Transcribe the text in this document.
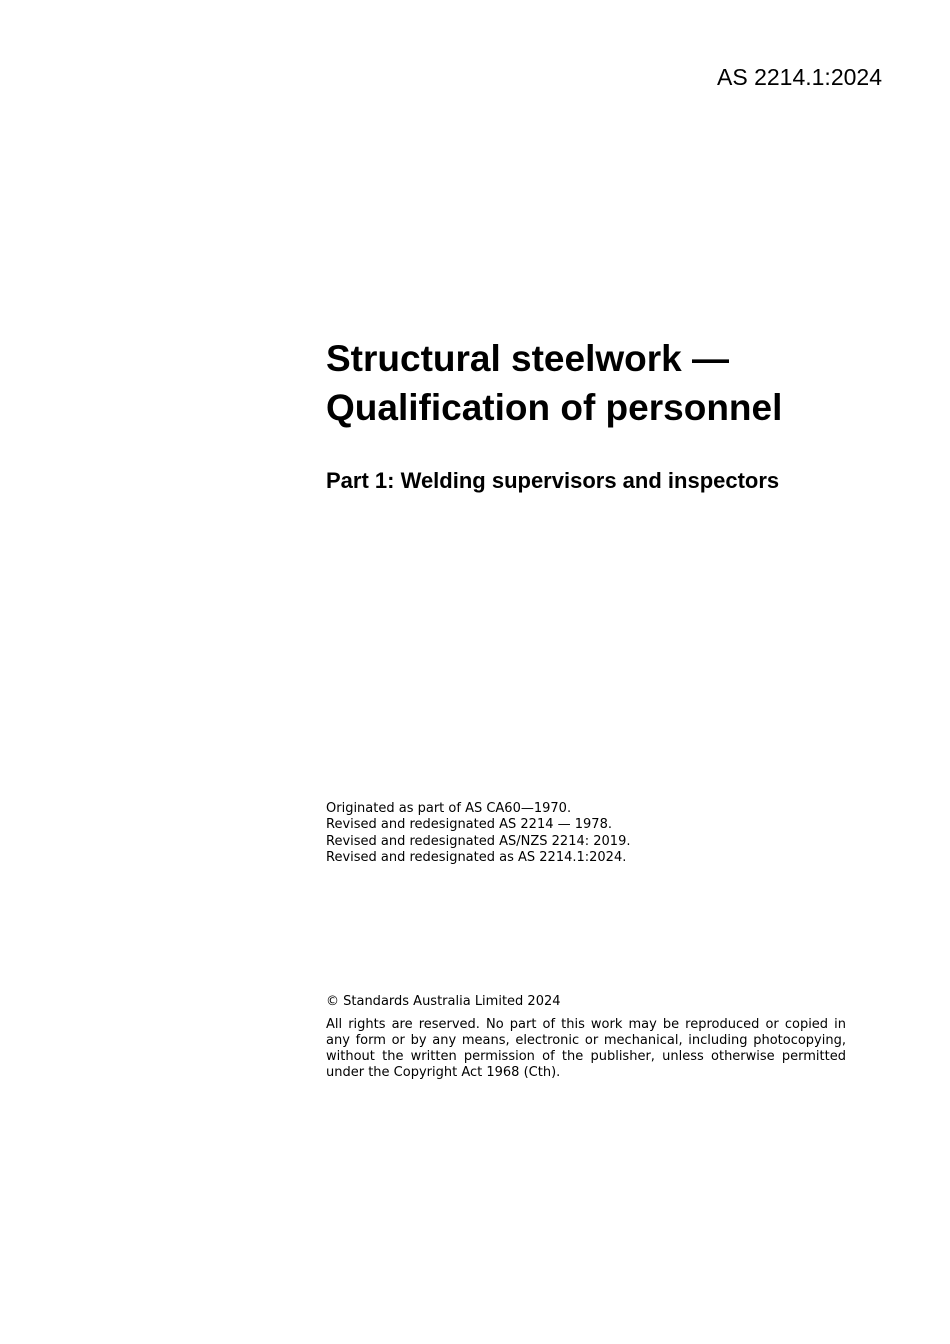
AS 2214.1:2024
Structural steelwork —
Qualification of personnel
Part 1: Welding supervisors and inspectors

Originated as part of AS CA60—1970.

Revised and redesignated AS 2214 — 1978.

Revised and redesignated AS/NZS 2214: 2019.

Revised and redesignated as AS 2214.1:2024.

© Standards Australia Limited 2024

All rights are reserved. No part of this work may be reproduced or copied in any form or by any means, electronic or mechanical, including photocopying, without the written permission of the publisher, unless otherwise permitted under the Copyright Act 1968 (Cth).
